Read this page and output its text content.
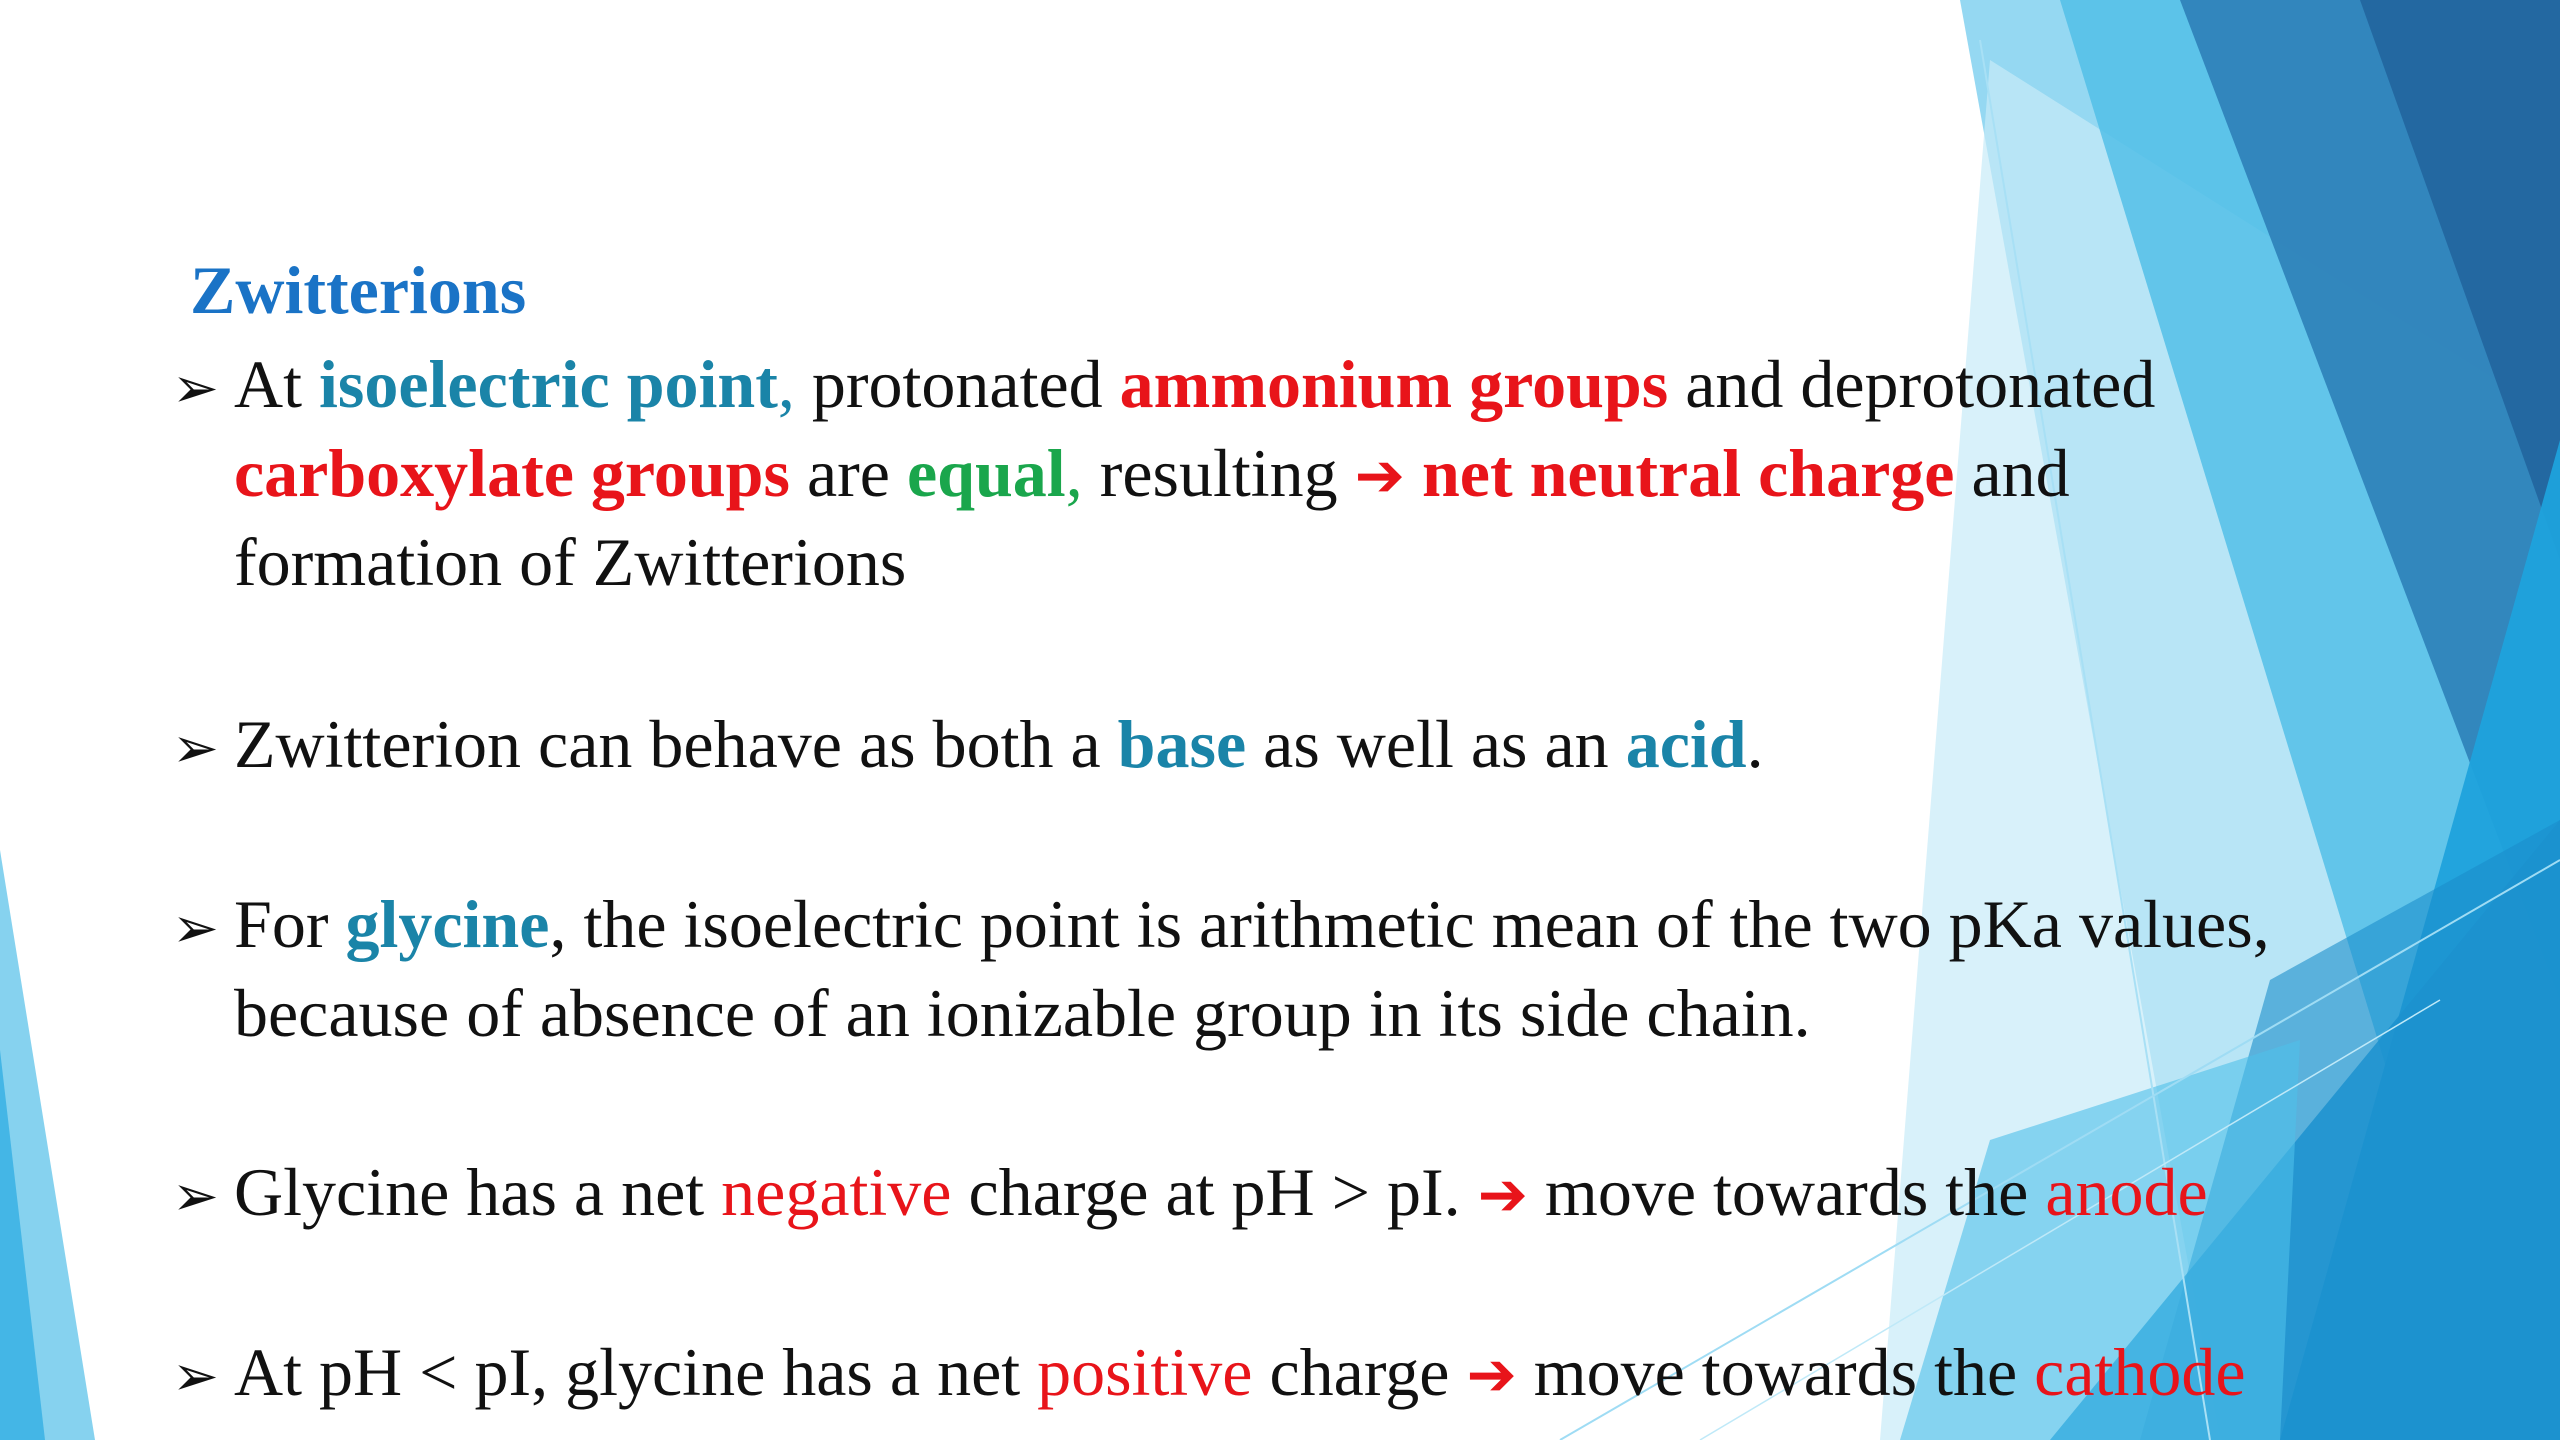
Zwitterions
➢ At isoelectric point, protonated ammonium groups and deprotonated
carboxylate groups are equal, resulting ➔ net neutral charge and
formation of Zwitterions
➢ Zwitterion can behave as both a base as well as an acid.
➢ For glycine, the isoelectric point is arithmetic mean of the two pKa values,
because of absence of an ionizable group in its side chain.
➢ Glycine has a net negative charge at pH > pI. ➔ move towards the anode
➢ At pH < pI, glycine has a net positive charge ➔ move towards the cathode
